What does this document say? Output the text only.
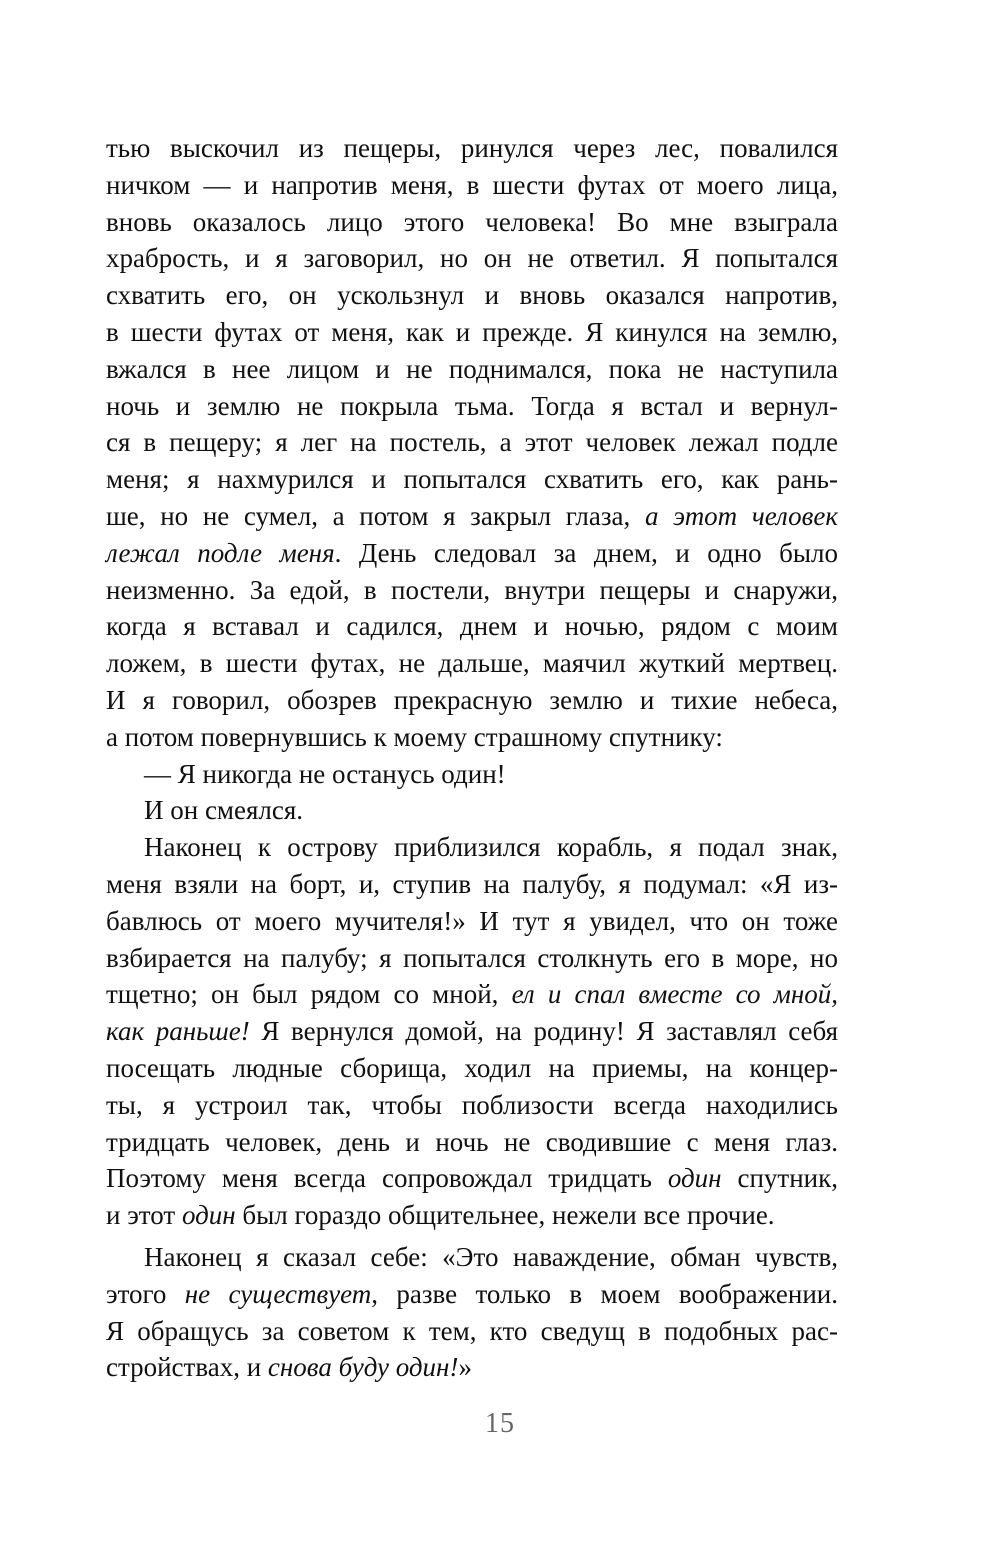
тью выскочил из пещеры, ринулся через лес, повалился
ничком — и напротив меня, в шести футах от моего лица,
вновь оказалось лицо этого человека! Во мне взыграла
храбрость, и я заговорил, но он не ответил. Я попытался
схватить его, он ускользнул и вновь оказался напротив,
в шести футах от меня, как и прежде. Я кинулся на землю,
вжался в нее лицом и не поднимался, пока не наступила
ночь и землю не покрыла тьма. Тогда я встал и вернул-
ся в пещеру; я лег на постель, а этот человек лежал подле
меня; я нахмурился и попытался схватить его, как рань-
ше, но не сумел, а потом я закрыл глаза, а этот человек
лежал подле меня. День следовал за днем, и одно было
неизменно. За едой, в постели, внутри пещеры и снаружи,
когда я вставал и садился, днем и ночью, рядом с моим
ложем, в шести футах, не дальше, маячил жуткий мертвец.
И я говорил, обозрев прекрасную землю и тихие небеса,
а потом повернувшись к моему страшному спутнику:
— Я никогда не останусь один!
И он смеялся.
Наконец к острову приблизился корабль, я подал знак,
меня взяли на борт, и, ступив на палубу, я подумал: «Я из-
бавлюсь от моего мучителя!» И тут я увидел, что он тоже
взбирается на палубу; я попытался столкнуть его в море, но
тщетно; он был рядом со мной, ел и спал вместе со мной,
как раньше! Я вернулся домой, на родину! Я заставлял себя
посещать людные сборища, ходил на приемы, на концер-
ты, я устроил так, чтобы поблизости всегда находились
тридцать человек, день и ночь не сводившие с меня глаз.
Поэтому меня всегда сопровождал тридцать один спутник,
и этот один был гораздо общительнее, нежели все прочие.
Наконец я сказал себе: «Это наваждение, обман чувств,
этого не существует, разве только в моем воображении.
Я обращусь за советом к тем, кто сведущ в подобных рас-
стройствах, и снова буду один!»
15
